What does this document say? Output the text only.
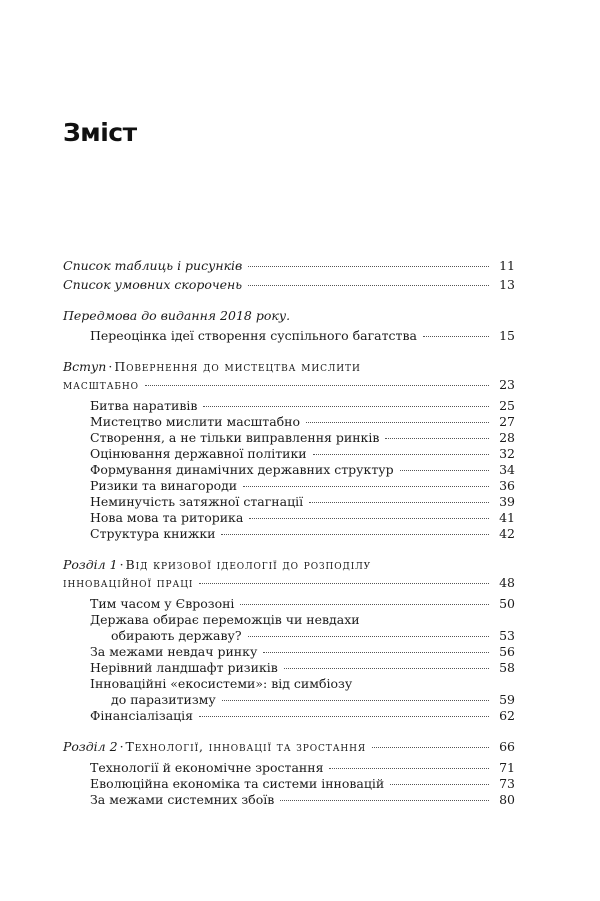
Зміст
Список таблиць і рисунків	11
Список умовних скорочень	13
Передмова до видання 2018 року.
Переоцінка ідеї створення суспільного багатства	15
Вступ · Повернення до мистецтва мислити
масштабно	23
Битва наративів	25
Мистецтво мислити масштабно	27
Створення, а не тільки виправлення ринків	28
Оцінювання державної політики	32
Формування динамічних державних структур	34
Ризики та винагороди	36
Неминучість затяжної стагнації	39
Нова мова та риторика	41
Структура книжки	42
Розділ 1 · Від кризової ідеології до розподілу
інноваційної праці	48
Тим часом у Єврозоні	50
Держава обирає переможців чи невдахи
обирають державу?	53
За межами невдач ринку	56
Нерівний ландшафт ризиків	58
Інноваційні «екосистеми»: від симбіозу
до паразитизму	59
Фінансіалізація	62
Розділ 2 · Технології, інновації та зростання	66
Технології й економічне зростання	71
Еволюційна економіка та системи інновацій	73
За межами системних збоїв	80
